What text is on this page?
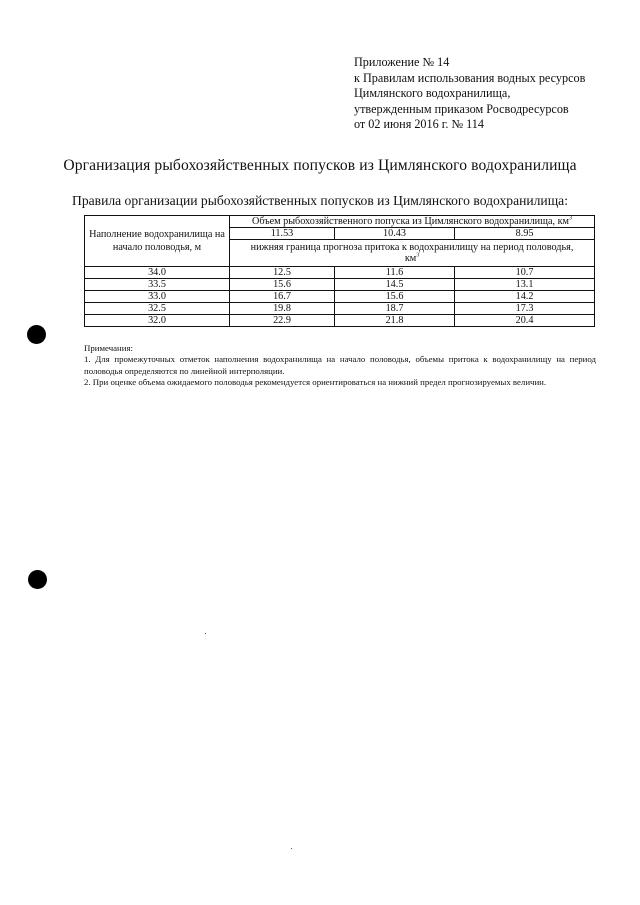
Приложение № 14
к Правилам использования водных ресурсов
Цимлянского водохранилища,
утвержденным приказом Росводресурсов
от 02 июня 2016 г. № 114
Организация рыбохозяйственных попусков из Цимлянского водохранилища
Правила организации рыбохозяйственных попусков из Цимлянского водохранилища:
Наполнение водохранилища на начало половодья, м	Объем рыбохозяйственного попуска из Цимлянского водохранилища, $км^3$
	11.53	10.43	8.95
	нижняя граница прогноза притока к водохранилищу на период половодья,
$км^3$

34.0	12.5	11.6	10.7
33.5	15.6	14.5	13.1
33.0	16.7	15.6	14.2
32.5	19.8	18.7	17.3
32.0	22.9	21.8	20.4
Примечания:
1. Для промежуточных отметок наполнения водохранилища на начало половодья, объемы притока к водохранилищу на период половодья определяются по линейной интерполяции.
2. При оценке объема ожидаемого половодья рекомендуется ориентироваться на нижний предел прогнозируемых величин.
